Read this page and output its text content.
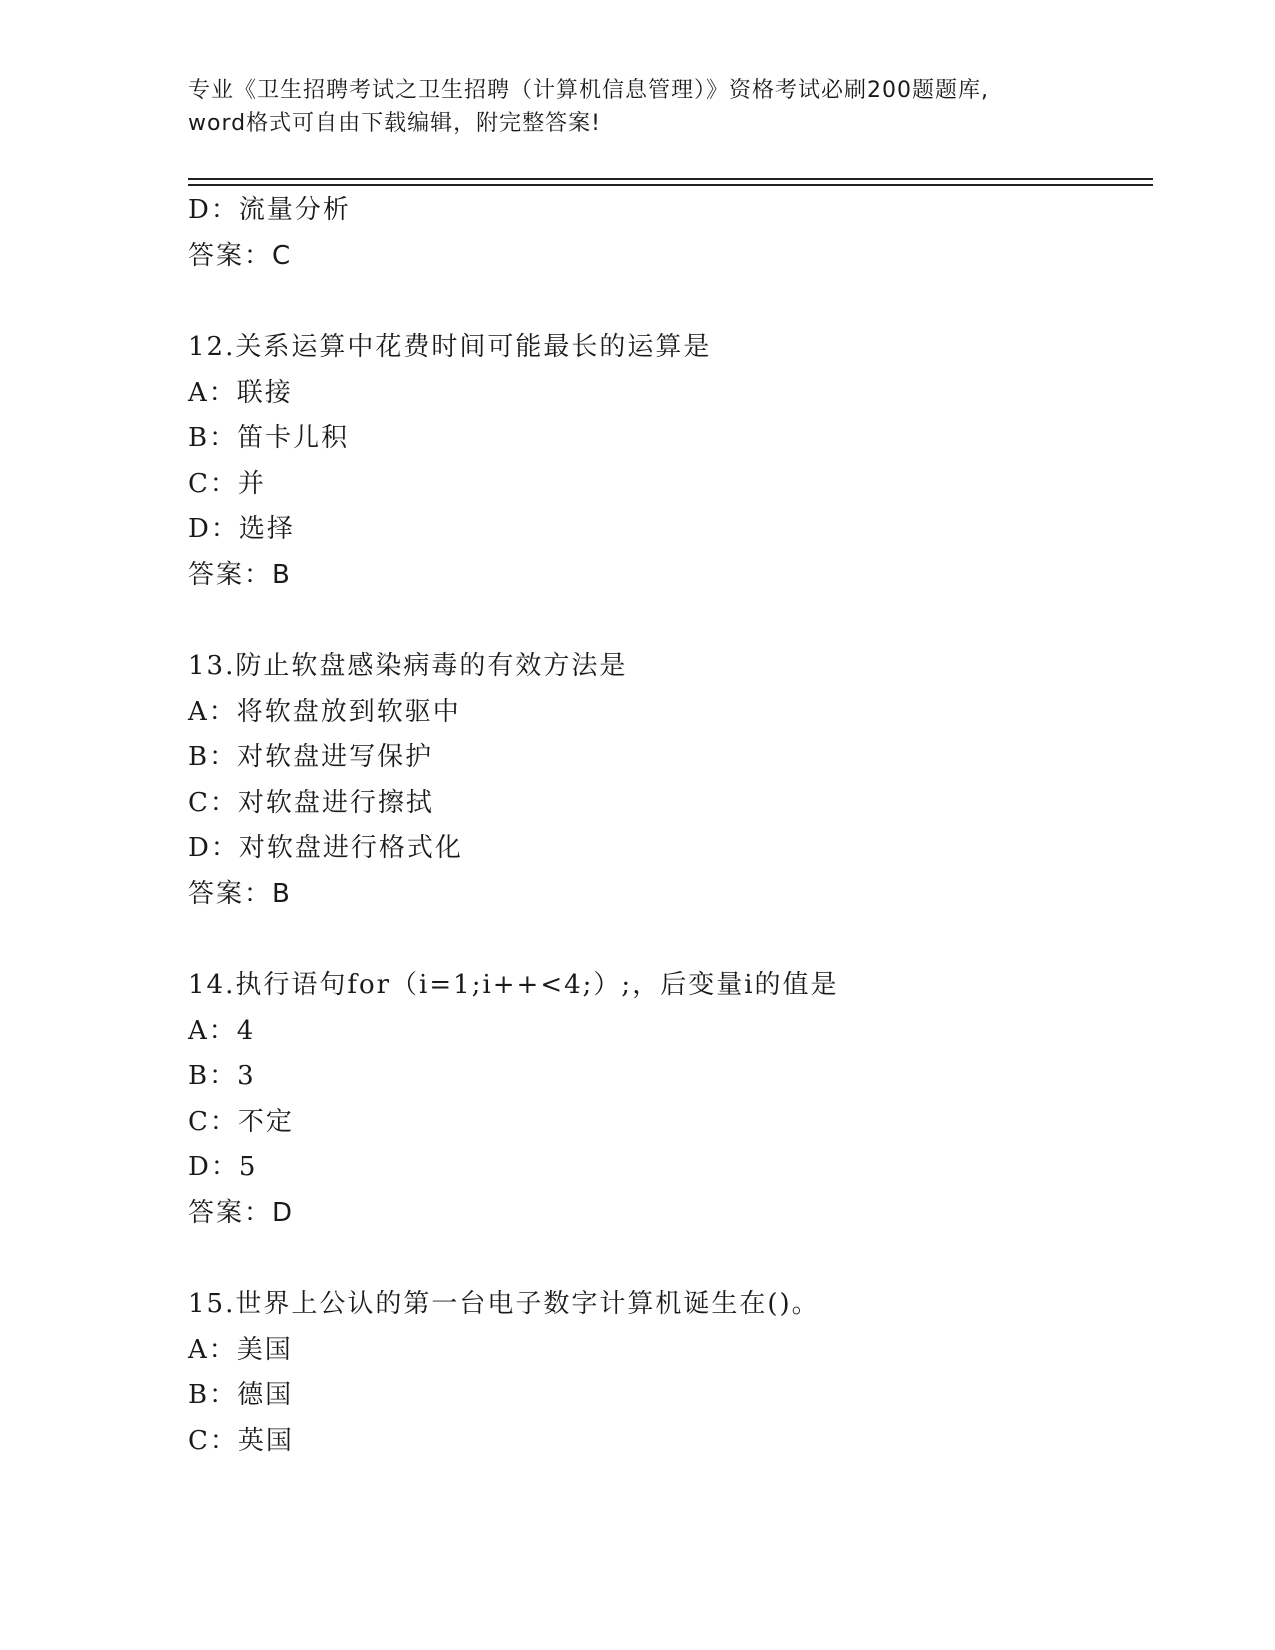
专业《卫生招聘考试之卫生招聘（计算机信息管理）》资格考试必刷200题题库,
word格式可自由下载编辑，附完整答案!
D：流量分析
答案：C
12.关系运算中花费时间可能最长的运算是
A：联接
B：笛卡儿积
C：并
D：选择
答案：B
13.防止软盘感染病毒的有效方法是
A：将软盘放到软驱中
B：对软盘进写保护
C：对软盘进行擦拭
D：对软盘进行格式化
答案：B
14.执行语句for（i=1;i++<4;）;，后变量i的值是
A：4
B：3
C：不定
D：5
答案：D
15.世界上公认的第一台电子数字计算机诞生在()。
A：美国
B：德国
C：英国
